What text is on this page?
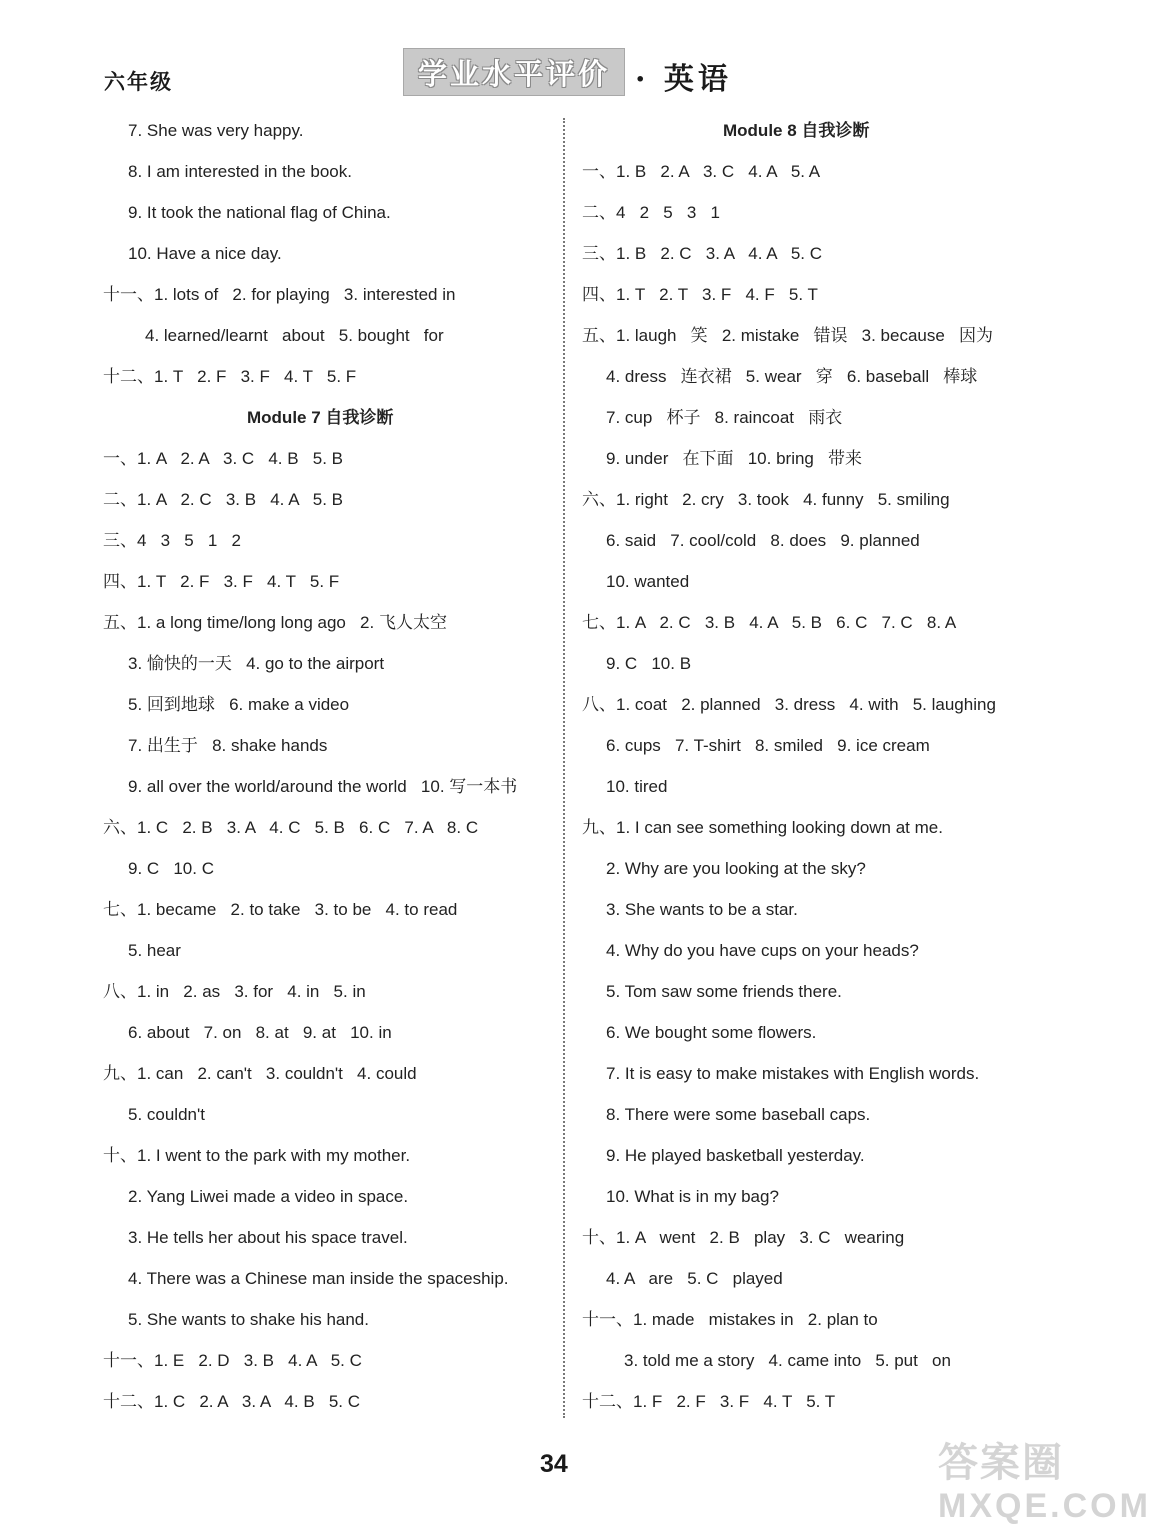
六年级	学业水平评价 · 英语
7. She was very happy.
8. I am interested in the book.
9. It took the national flag of China.
10. Have a nice day.
十一、1. lots of   2. for playing   3. interested in
4. learned/learnt   about   5. bought   for
十二、1. T   2. F   3. F   4. T   5. F
Module 7 自我诊断
一、1. A   2. A   3. C   4. B   5. B
二、1. A   2. C   3. B   4. A   5. B
三、4   3   5   1   2
四、1. T   2. F   3. F   4. T   5. F
五、1. a long time/long long ago   2. 飞人太空
3. 愉快的一天   4. go to the airport
5. 回到地球   6. make a video
7. 出生于   8. shake hands
9. all over the world/around the world   10. 写一本书
六、1. C   2. B   3. A   4. C   5. B   6. C   7. A   8. C
9. C   10. C
七、1. became   2. to take   3. to be   4. to read
5. hear
八、1. in   2. as   3. for   4. in   5. in
6. about   7. on   8. at   9. at   10. in
九、1. can   2. can't   3. couldn't   4. could
5. couldn't
十、1. I went to the park with my mother.
2. Yang Liwei made a video in space.
3. He tells her about his space travel.
4. There was a Chinese man inside the spaceship.
5. She wants to shake his hand.
十一、1. E   2. D   3. B   4. A   5. C
十二、1. C   2. A   3. A   4. B   5. C
Module 8 自我诊断
一、1. B   2. A   3. C   4. A   5. A
二、4   2   5   3   1
三、1. B   2. C   3. A   4. A   5. C
四、1. T   2. T   3. F   4. F   5. T
五、1. laugh   笑   2. mistake   错误   3. because   因为
4. dress   连衣裙   5. wear   穿   6. baseball   棒球
7. cup   杯子   8. raincoat   雨衣
9. under   在下面   10. bring   带来
六、1. right   2. cry   3. took   4. funny   5. smiling
6. said   7. cool/cold   8. does   9. planned
10. wanted
七、1. A   2. C   3. B   4. A   5. B   6. C   7. C   8. A
9. C   10. B
八、1. coat   2. planned   3. dress   4. with   5. laughing
6. cups   7. T-shirt   8. smiled   9. ice cream
10. tired
九、1. I can see something looking down at me.
2. Why are you looking at the sky?
3. She wants to be a star.
4. Why do you have cups on your heads?
5. Tom saw some friends there.
6. We bought some flowers.
7. It is easy to make mistakes with English words.
8. There were some baseball caps.
9. He played basketball yesterday.
10. What is in my bag?
十、1. A   went   2. B   play   3. C   wearing
4. A   are   5. C   played
十一、1. made   mistakes in   2. plan to
3. told me a story   4. came into   5. put   on
十二、1. F   2. F   3. F   4. T   5. T
34	答案圈
MXQE.COM
